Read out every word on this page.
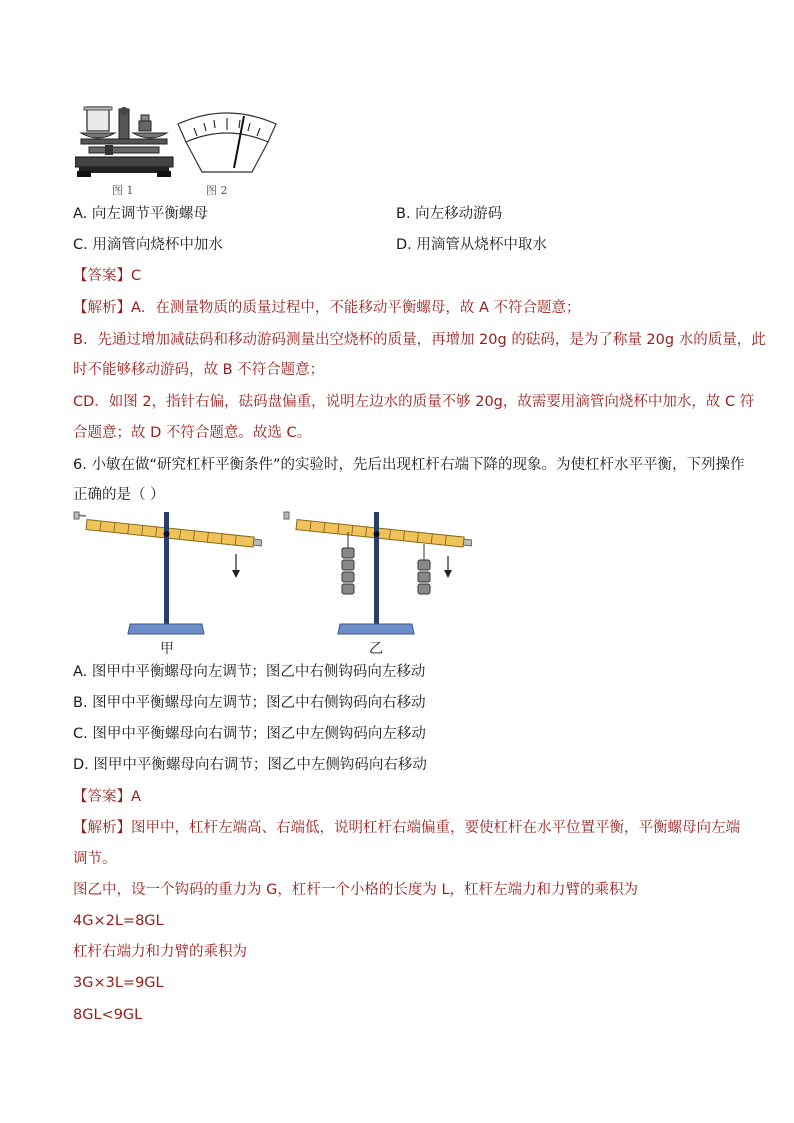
图 1	图 2
A. 向左调节平衡螺母	B. 向左移动游码
C. 用滴管向烧杯中加水	D. 用滴管从烧杯中取水
【答案】C
【解析】A．在测量物质的质量过程中，不能移动平衡螺母，故 A 不符合题意；
B．先通过增加减砝码和移动游码测量出空烧杯的质量，再增加 20g 的砝码，是为了称量 20g 水的质量，此
时不能够移动游码，故 B 不符合题意；
CD．如图 2，指针右偏，砝码盘偏重，说明左边水的质量不够 20g，故需要用滴管向烧杯中加水，故 C 符
合题意；故 D 不符合题意。故选 C。
6. 小敏在做“研究杠杆平衡条件”的实验时，先后出现杠杆右端下降的现象。为使杠杆水平平衡，下列操作
正确的是（ ）
甲	乙
A. 图甲中平衡螺母向左调节；图乙中右侧钩码向左移动
B. 图甲中平衡螺母向左调节；图乙中右侧钩码向右移动
C. 图甲中平衡螺母向右调节；图乙中左侧钩码向左移动
D. 图甲中平衡螺母向右调节；图乙中左侧钩码向右移动
【答案】A
【解析】图甲中，杠杆左端高、右端低，说明杠杆右端偏重，要使杠杆在水平位置平衡，平衡螺母向左端
调节。
图乙中，设一个钩码的重力为 G，杠杆一个小格的长度为 L，杠杆左端力和力臂的乘积为
4G×2L=8GL
杠杆右端力和力臂的乘积为
3G×3L=9GL
8GL<9GL
